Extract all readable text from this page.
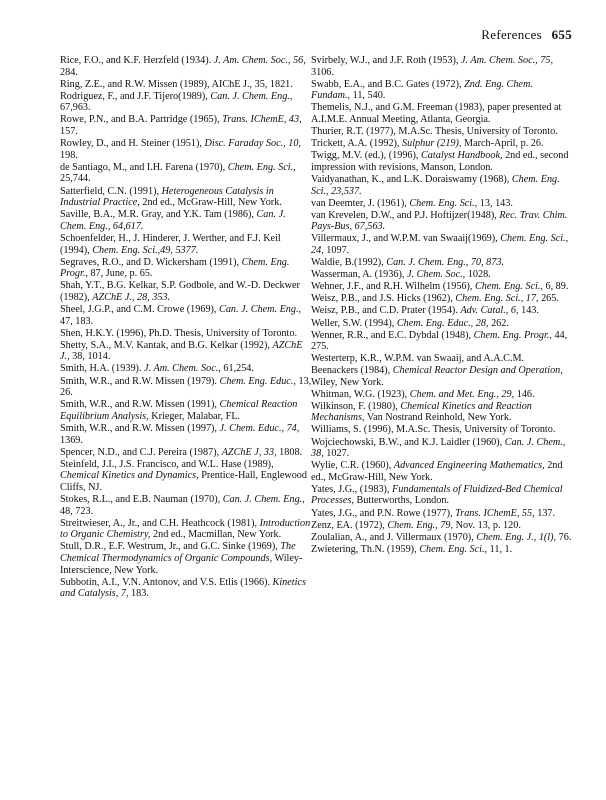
References 655
Rice, F.O., and K.F. Herzfeld (1934). J. Am. Chem. Soc., 56, 284.
Ring, Z.E., and R.W. Missen (1989), AIChE J., 35, 1821.
Rodriguez, F., and J.F. Tijero(1989), Can. J. Chem. Eng., 67,963.
Rowe, P.N., and B.A. Partridge (1965), Trans. IChemE, 43, 157.
Rowley, D., and H. Steiner (1951), Disc. Faraday Soc., 10, 198.
de Santiago, M., and I.H. Farena (1970), Chem. Eng. Sci., 25,744.
Satterfield, C.N. (1991), Heterogeneous Catalysis in Industrial Practice, 2nd ed., McGraw-Hill, New York.
Saville, B.A., M.R. Gray, and Y.K. Tam (1986), Can. J. Chem. Eng., 64,617.
Schoenfelder, H., J. Hinderer, J. Werther, and F.J. Keil (1994), Chem. Eng. Sci.,49, 5377.
Segraves, R.O., and D. Wickersham (1991), Chem. Eng. Progr., 87, June, p. 65.
Shah, Y.T., B.G. Kelkar, S.P. Godbole, and W.-D. Deckwer (1982), AZChE J., 28, 353.
Sheel, J.G.P., and C.M. Crowe (1969), Can. J. Chem. Eng., 47, 183.
Shen, H.K.Y. (1996), Ph.D. Thesis, University of Toronto.
Shetty, S.A., M.V. Kantak, and B.G. Kelkar (1992), AZChE J., 38, 1014.
Smith, H.A. (1939). J. Am. Chem. Soc., 61,254.
Smith, W.R., and R.W. Missen (1979). Chem. Eng. Educ., 13, 26.
Smith, W.R., and R.W. Missen (1991), Chemical Reaction Equilibrium Analysis, Krieger, Malabar, FL.
Smith, W.R., and R.W. Missen (1997), J. Chem. Educ., 74, 1369.
Spencer, N.D., and C.J. Pereira (1987), AZChE J, 33, 1808.
Steinfeld, J.I., J.S. Francisco, and W.L. Hase (1989), Chemical Kinetics and Dynamics, Prentice-Hall, Englewood Cliffs, NJ.
Stokes, R.L., and E.B. Nauman (1970), Can. J. Chem. Eng., 48, 723.
Streitwieser, A., Jr., and C.H. Heathcock (1981), Introduction to Organic Chemistry, 2nd ed., Macmillan, New York.
Stull, D.R., E.F. Westrum, Jr., and G.C. Sinke (1969), The Chemical Thermodynamics of Organic Compounds, Wiley-Interscience, New York.
Subbotin, A.I., V.N. Antonov, and V.S. Etlis (1966). Kinetics and Catalysis, 7, 183.
Svirbely, W.J., and J.F. Roth (1953), J. Am. Chem. Soc., 75, 3106.
Swabb, E.A., and B.C. Gates (1972), Znd. Eng. Chem. Fundam., 11, 540.
Themelis, N.J., and G.M. Freeman (1983), paper presented at A.I.M.E. Annual Meeting, Atlanta, Georgia.
Thurier, R.T. (1977), M.A.Sc. Thesis, University of Toronto.
Trickett, A.A. (1992), Sulphur (219), March-April, p. 26.
Twigg, M.V. (ed.), (1996), Catalyst Handbook, 2nd ed., second impression with revisions, Manson, London.
Vaidyanathan, K., and L.K. Doraiswamy (1968), Chem. Eng. Sci., 23,537.
van Deemter, J. (1961), Chem. Eng. Sci., 13, 143.
van Krevelen, D.W., and P.J. Hoftijzer(1948), Rec. Trav. Chim. Pays-Bus, 67,563.
Villermaux, J., and W.P.M. van Swaaij(1969), Chem. Eng. Sci., 24, 1097.
Waldie, B.(1992), Can. J. Chem. Eng., 70, 873.
Wasserman, A. (1936), J. Chem. Soc., 1028.
Wehner, J.F., and R.H. Wilhelm (1956), Chem. Eng. Sci., 6, 89.
Weisz, P.B., and J.S. Hicks (1962), Chem. Eng. Sci., 17, 265.
Weisz, P.B., and C.D. Prater (1954). Adv. Catal., 6, 143.
Weller, S.W. (1994), Chem. Eng. Educ., 28, 262.
Wenner, R.R., and E.C. Dybdal (1948), Chem. Eng. Progr., 44, 275.
Westerterp, K.R., W.P.M. van Swaaij, and A.A.C.M. Beenackers (1984), Chemical Reactor Design and Operation, Wiley, New York.
Whitman, W.G. (1923), Chem. and Met. Eng., 29, 146.
Wilkinson, F. (1980), Chemical Kinetics and Reaction Mechanisms, Van Nostrand Reinhold, New York.
Williams, S. (1996), M.A.Sc. Thesis, University of Toronto.
Wojciechowski, B.W., and K.J. Laidler (1960), Can. J. Chem., 38, 1027.
Wylie, C.R. (1960), Advanced Engineering Mathematics, 2nd ed., McGraw-Hill, New York.
Yates, J.G., (1983), Fundamentals of Fluidized-Bed Chemical Processes, Butterworths, London.
Yates, J.G., and P.N. Rowe (1977), Trans. IChemE, 55, 137.
Zenz, EA. (1972), Chem. Eng., 79, Nov. 13, p. 120.
Zoulalian, A., and J. Villermaux (1970), Chem. Eng. J., 1(l), 76.
Zwietering, Th.N. (1959), Chem. Eng. Sci., 11, 1.
